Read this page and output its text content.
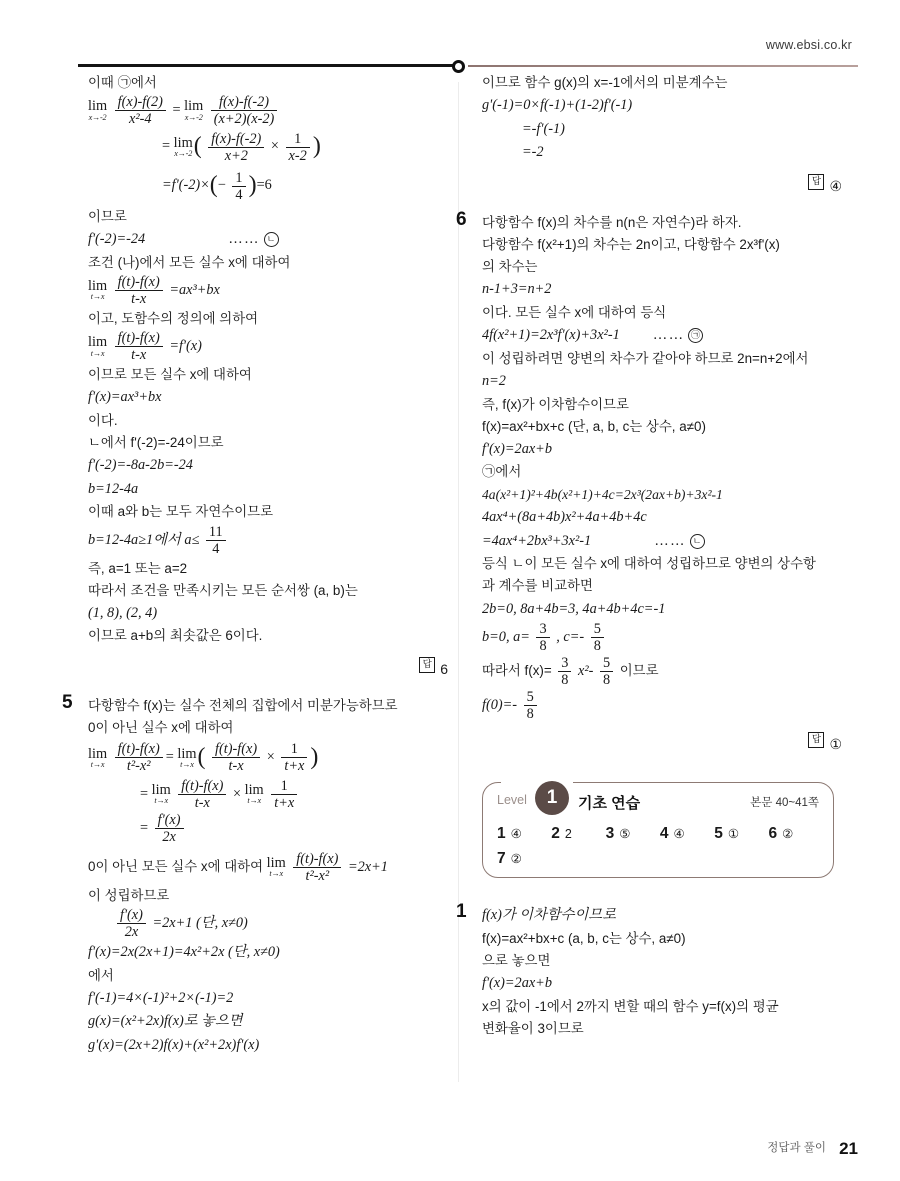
www.ebsi.co.kr
이때 ㉠에서
lim
x→-2
$\frac{f(x)-f(2)}{\text{x²-4}} = \lim$
x→-2
$\frac{f(x)-f(-2)}{(x+2)(x-2)}$
= lim
x→-2 ( $\frac{f(x)-f(-2)}{x+2} \times \frac{1}{x-2}$ )
$=f'(-2)\times(- \frac{1}{4} )=6$
이므로
f'(-2)=-24	…… ㄴ
조건 (나)에서 모든 실수 x에 대하여
lim
t→x
$\frac{f(t)-f(x)}{t-x} =ax^3+bx$
이고, 도함수의 정의에 의하여
lim
t→x
$\frac{f(t)-f(x)}{t-x} =f'(x)$
이므로 모든 실수 x에 대하여
f'(x)=ax³+bx
이다.
ㄴ에서 f'(-2)=-24이므로
f'(-2)=-8a-2b=-24
b=12-4a
이때 a와 b는 모두 자연수이므로
b=12-4a≥1에서 $a\le \frac{11}{4}$
즉, a=1 또는 a=2
따라서 조건을 만족시키는 모든 순서쌍 (a, b)는
(1, 8), (2, 4)
이므로 a+b의 최솟값은 6이다.
답 6
5 다항함수 f(x)는 실수 전체의 집합에서 미분가능하므로
0이 아닌 실수 x에 대하여
lim
t→x
$\frac{f(t)-f(x)}{\text{t²-x²}} = \lim$
t→x ( $\frac{f(t)-f(x)}{t-x} \times \frac{1}{t+x}$ )
= lim
t→x
$\frac{f(t)-f(x)}{t-x} \times \lim$
t→x
$\frac{1}{t+x}$
= $\frac{f'(x)}{2x}$
0이 아닌 모든 실수 x에 대하여 lim
t→x
$\frac{f(t)-f(x)}{\text{t²-x²}} =2x+1$
이 성립하므로
$\frac{f'(x)}{2x} =2x+1$ (단, x≠0)
f'(x)=2x(2x+1)=4x²+2x (단, x≠0)
에서
f'(-1)=4×(-1)²+2×(-1)=2
g(x)=(x²+2x)f(x)로 놓으면
g'(x)=(2x+2)f(x)+(x²+2x)f'(x)
이므로 함수 g(x)의 x=-1에서의 미분계수는
g'(-1)=0×f(-1)+(1-2)f'(-1)
=-f'(-1)
=-2
답 ④
6 다항함수 f(x)의 차수를 n(n은 자연수)라 하자.
다항함수 f(x²+1)의 차수는 2n이고, 다항함수 2x³f'(x)
의 차수는
n-1+3=n+2
이다. 모든 실수 x에 대하여 등식
4f(x²+1)=2x³f'(x)+3x²-1 …… ㉠
이 성립하려면 양변의 차수가 같아야 하므로 2n=n+2에서
n=2
즉, f(x)가 이차함수이므로
f(x)=ax²+bx+c (단, a, b, c는 상수, a≠0)
f'(x)=2ax+b
㉠에서
4a(x²+1)²+4b(x²+1)+4c=2x³(2ax+b)+3x²-1
4ax⁴+(8a+4b)x²+4a+4b+4c
=4ax⁴+2bx³+3x²-1	…… ㄴ
등식 ㄴ이 모든 실수 x에 대하여 성립하므로 양변의 상수항
과 계수를 비교하면
2b=0, 8a+4b=3, 4a+4b+4c=-1
b=0, $a= \frac{3}{8}$ , $c=- \frac{5}{8}$
따라서 $f(x)= \frac{3}{8} x^2- \frac{5}{8}$ 이므로
$f(0)=- \frac{5}{8}$
답 ①
Level	1	기초 연습	본문 40~41쪽
1 ④	2 2	3 ⑤	4 ④	5 ①	6 ②
7 ②
1 f(x)가 이차함수이므로
f(x)=ax²+bx+c (a, b, c는 상수, a≠0)
으로 놓으면
f'(x)=2ax+b
x의 값이 -1에서 2까지 변할 때의 함수 y=f(x)의 평균
변화율이 3이므로
정답과 풀이 21
